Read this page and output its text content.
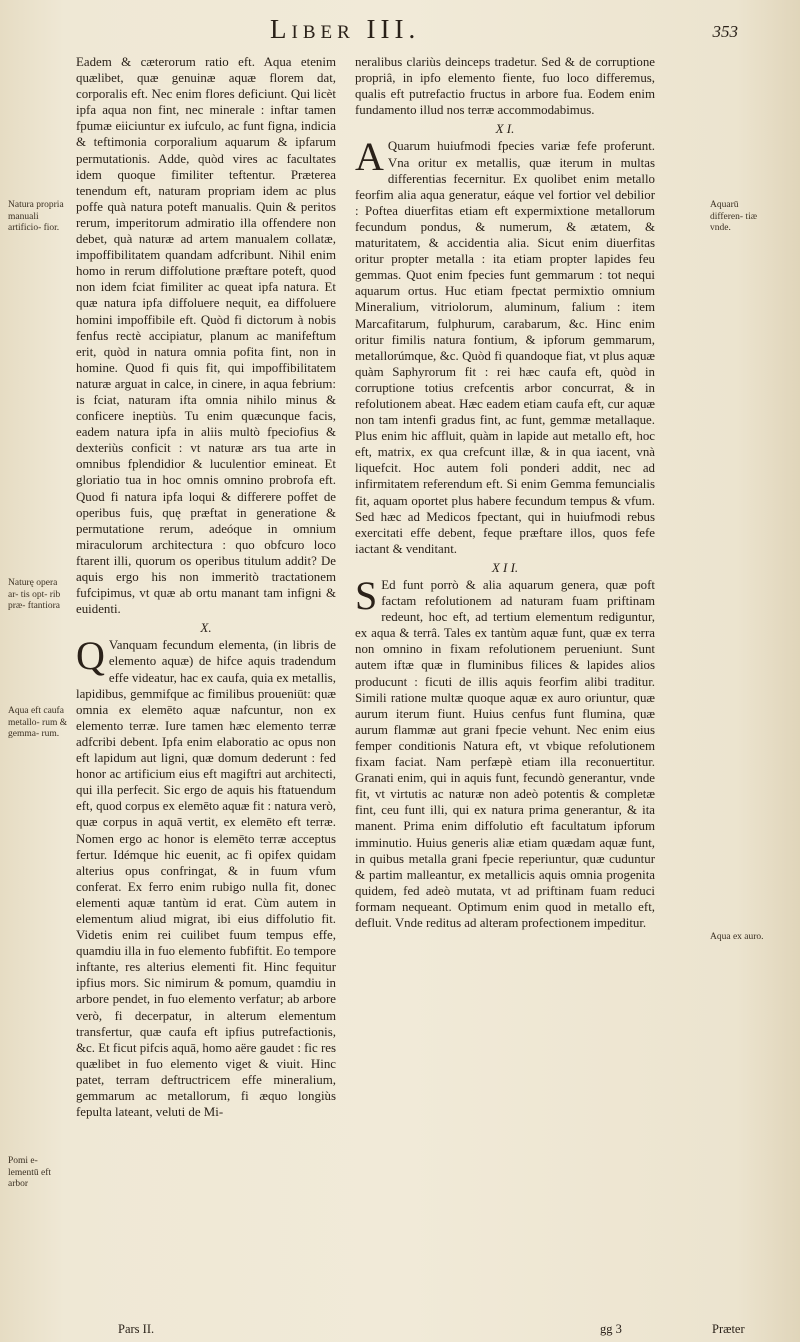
Liber III.	353
Natura propria manuali artificio- fior.
Naturę opera ar- tis opt- rib præ- ftantiora
Aqua eft caufa metallo- rum & gemma- rum.
Pomi e- lementū eft arbor
Aquarū differen- tiæ vnde.
Aqua ex auro.

Eadem & cæterorum ratio eft. Aqua etenim quælibet, quæ genuinæ aquæ florem dat, corporalis eft. Nec enim flores deficiunt. Qui licèt ipfa aqua non fint, nec minerale : inftar tamen fpumæ eiiciuntur ex iufculo, ac funt figna, indicia & teftimonia corporalium aquarum & ipfarum permutationis. Adde, quòd vires ac facultates idem quoque fimiliter teftentur. Præterea tenendum eft, naturam propriam idem ac plus poffe quà natura poteft manualis. Quin & peritos rerum, imperitorum admiratio illa offendere non debet, quà naturæ ad artem manualem collatæ, impoffibilitatem quandam adfcribunt. Nihil enim homo in rerum diffolutione præftare poteft, quod non idem fciat fimiliter ac queat ipfa natura. Et quæ natura ipfa diffoluere nequit, ea diffoluere homini impoffibile eft. Quòd fi dictorum à nobis fenfus rectè accipiatur, planum ac manifeftum erit, quòd in natura omnia pofita fint, non in homine. Quod fi quis fit, qui impoffibilitatem naturæ arguat in calce, in cinere, in aqua febrium: is fciat, naturam ifta omnia nihilo minus & conficere ineptiùs. Tu enim quæcunque facis, eadem natura ipfa in aliis multò fpeciofius & dexteriùs conficit : vt naturæ ars tua arte in omnibus fplendidior & luculentior emineat. Et gloriatio tua in hoc omnis omnino probrofa eft. Quod fi natura ipfa loqui & differere poffet de operibus fuis, quę præftat in generatione & permutatione rerum, adeóque in omnium miraculorum architectura : quo obfcuro loco ftarent illi, quorum os operibus titulum addit? De aquis ergo his non immeritò tractationem fufcipimus, vt quæ ab ortu manant tam infigni & euidenti.

X.

Q Vanquam fecundum elementa, (in libris de elemento aquæ) de hifce aquis tradendum effe videatur, hac ex caufa, quia ex metallis, lapidibus, gemmifque ac fimilibus proueniūt: quæ omnia ex elemēto aquæ nafcuntur, non ex elemento terræ. Iure tamen hæc elemento terræ adfcribi debent. Ipfa enim elaboratio ac opus non eft lapidum aut ligni, quæ domum dederunt : fed honor ac artificium eius eft magiftri aut architecti, qui illa perfecit. Sic ergo de aquis his ftatuendum eft, quod corpus ex elemēto aquæ fit : natura verò, quæ corpus in aquā vertit, ex elemēto eft terræ. Nomen ergo ac honor is elemēto terræ acceptus fertur. Idémque hic euenit, ac fi opifex quidam alterius opus confringat, & in fuum vfum conferat. Ex ferro enim rubigo nulla fit, donec elementi aquæ tantùm id erat. Cùm autem in elementum aliud migrat, ibi eius diffolutio fit. Videtis enim rei cuilibet fuum tempus effe, quamdiu illa in fuo elemento fubfiftit. Eo tempore inftante, res alterius elementi fit. Hinc fequitur ipfius mors. Sic nimirum & pomum, quamdiu in arbore pendet, in fuo elemento verfatur; ab arbore verò, fi decerpatur, in alterum elementum transfertur, quæ caufa eft ipfius putrefactionis, &c. Et ficut pifcis aquā, homo aëre gaudet : fic res quælibet in fuo elemento viget & viuit. Hinc patet, terram deftructricem effe mineralium, gemmarum ac metallorum, fi æquo longiùs fepulta lateant, veluti de Mi-

neralibus clariùs deinceps tradetur. Sed & de corruptione propriâ, in ipfo elemento fiente, fuo loco differemus, qualis eft putrefactio fructus in arbore fua. Eodem enim fundamento illud nos terræ accommodabimus.

X I.

A Quarum huiufmodi fpecies variæ fefe proferunt. Vna oritur ex metallis, quæ iterum in multas differentias fecernitur. Ex quolibet enim metallo feorfim alia aqua generatur, eáque vel fortior vel debilior : Poftea diuerfitas etiam eft expermixtione metallorum fecundum pondus, & numerum, & ætatem, & maturitatem, & accidentia alia. Sicut enim diuerfitas oritur propter metalla : ita etiam propter lapides feu gemmas. Quot enim fpecies funt gemmarum : tot nequi aquarum ortus. Huc etiam fpectat permixtio omnium Mineralium, vitriolorum, aluminum, falium : item Marcafitarum, fulphurum, carabarum, &c. Hinc enim oritur fimilis natura fontium, & ipforum gemmarum, metallorúmque, &c. Quòd fi quandoque fiat, vt plus aquæ quàm Saphyrorum fit : rei hæc caufa eft, quòd in corruptione totius crefcentis arbor concurrat, & in refolutionem abeat. Hæc eadem etiam caufa eft, cur aquæ non tam intenfi gradus fint, ac funt, gemmæ metallaque. Plus enim hic affluit, quàm in lapide aut metallo eft, hoc eft, matrix, ex qua crefcunt illæ, & in qua iacent, vnà liquefcit. Hoc autem foli ponderi addit, nec ad infirmitatem referendum eft. Si enim Gemma femuncialis fit, aquam oportet plus habere fecundum tempus & vfum. Sed hæc ad Medicos fpectant, qui in huiufmodi rebus exercitati effe debent, feque præftare illos, quos fefe iactant & venditant.

X I I.

S Ed funt porrò & alia aquarum genera, quæ poft factam refolutionem ad naturam fuam priftinam redeunt, hoc eft, ad tertium elementum rediguntur, ex aqua & terrâ. Tales ex tantùm aquæ funt, quæ ex terra non omnino in fixam refolutionem perueniunt. Sunt autem iftæ quæ in fluminibus filices & lapides alios producunt : ficuti de illis aquis feorfim alibi traditur. Simili ratione multæ quoque aquæ ex auro oriuntur, quæ aurum iterum fiunt. Huius cenfus funt flumina, quæ aurum flammæ aut grani fpecie vehunt. Nec enim eius femper conditionis Natura eft, vt vbique refolutionem fixam faciat. Nam perfæpè etiam illa reconuertitur. Granati enim, qui in aquis funt, fecundò generantur, vnde fit, vt virtutis ac naturæ non adeò potentis & completæ fint, ceu funt illi, qui ex natura prima generantur, & ita manent. Prima enim diffolutio eft facultatum ipforum imminutio. Huius generis aliæ etiam quædam aquæ funt, in quibus metalla grani fpecie reperiuntur, quæ cuduntur & partim malleantur, ex metallicis aquis omnia progenita quidem, fed adeò mutata, vt ad priftinam fuam reduci formam nequeant. Optimum enim quod in metallo eft, defluit. Vnde reditus ad alteram profectionem impeditur.

Pars II.	gg 3	Præter
